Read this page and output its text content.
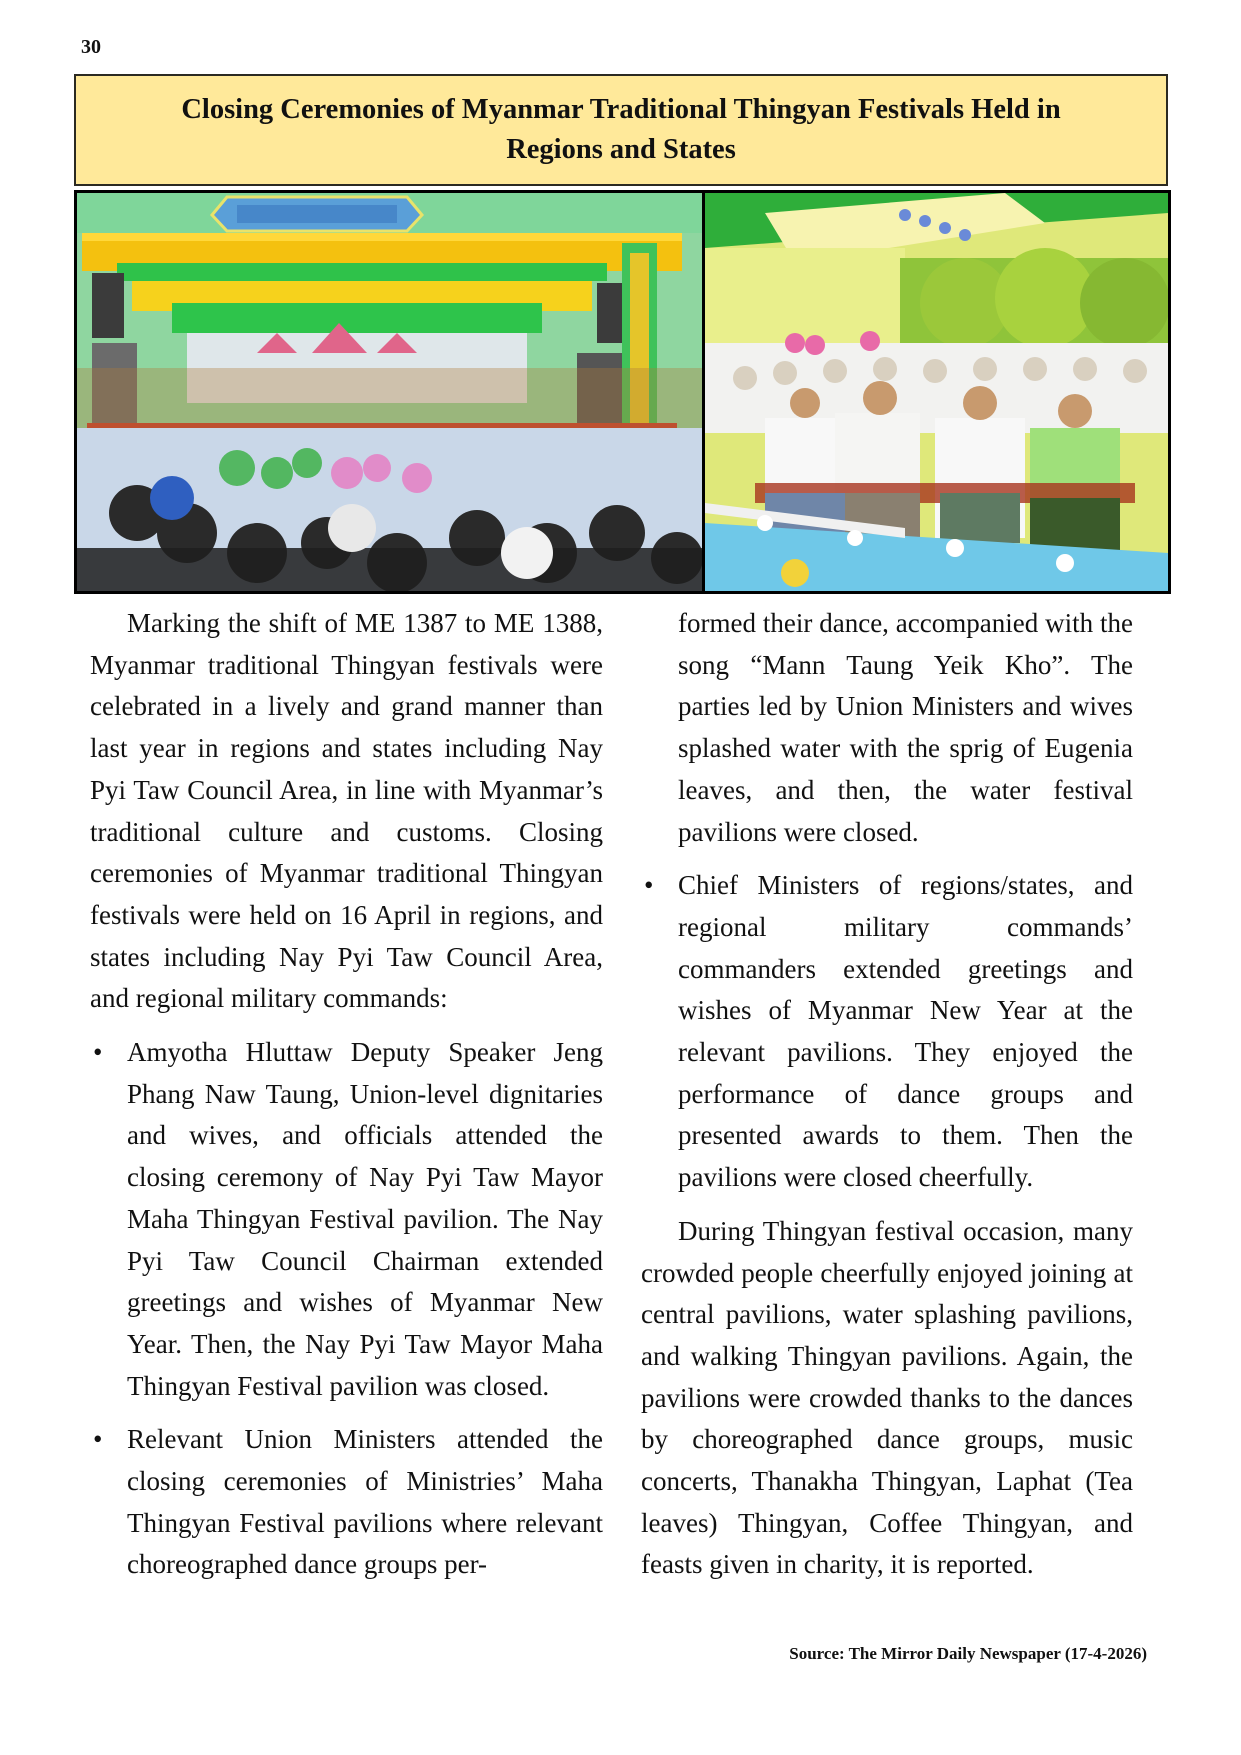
30
Closing Ceremonies of Myanmar Traditional Thingyan Festivals Held in Regions and States

Marking the shift of ME 1387 to ME 1388, Myanmar traditional Thingyan festivals were celebrated in a lively and grand manner than last year in regions and states including Nay Pyi Taw Council Area, in line with Myanmar’s traditional culture and customs. Closing ceremonies of Myanmar traditional Thingyan festivals were held on 16 April in regions, and states including Nay Pyi Taw Council Area, and regional military commands:

• Amyotha Hluttaw Deputy Speaker Jeng Phang Naw Taung, Union-level dignitaries and wives, and officials attended the closing ceremony of Nay Pyi Taw Mayor Maha Thingyan Festival pavilion. The Nay Pyi Taw Council Chairman extended greetings and wishes of Myanmar New Year. Then, the Nay Pyi Taw Mayor Maha Thingyan Festival pavilion was closed.
• Relevant Union Ministers attended the closing ceremonies of Ministries’ Maha Thingyan Festival pavilions where relevant choreographed dance groups per-

formed their dance, accompanied with the song “Mann Taung Yeik Kho”. The parties led by Union Ministers and wives splashed water with the sprig of Eugenia leaves, and then, the water festival pavilions were closed.

• Chief Ministers of regions/states, and regional military commands’ commanders extended greetings and wishes of Myanmar New Year at the relevant pavilions. They enjoyed the performance of dance groups and presented awards to them. Then the pavilions were closed cheerfully.

During Thingyan festival occasion, many crowded people cheerfully enjoyed joining at central pavilions, water splashing pavilions, and walking Thingyan pavilions. Again, the pavilions were crowded thanks to the dances by choreographed dance groups, music concerts, Thanakha Thingyan, Laphat (Tea leaves) Thingyan, Coffee Thingyan, and feasts given in charity, it is reported.

Source: The Mirror Daily Newspaper (17-4-2026)
